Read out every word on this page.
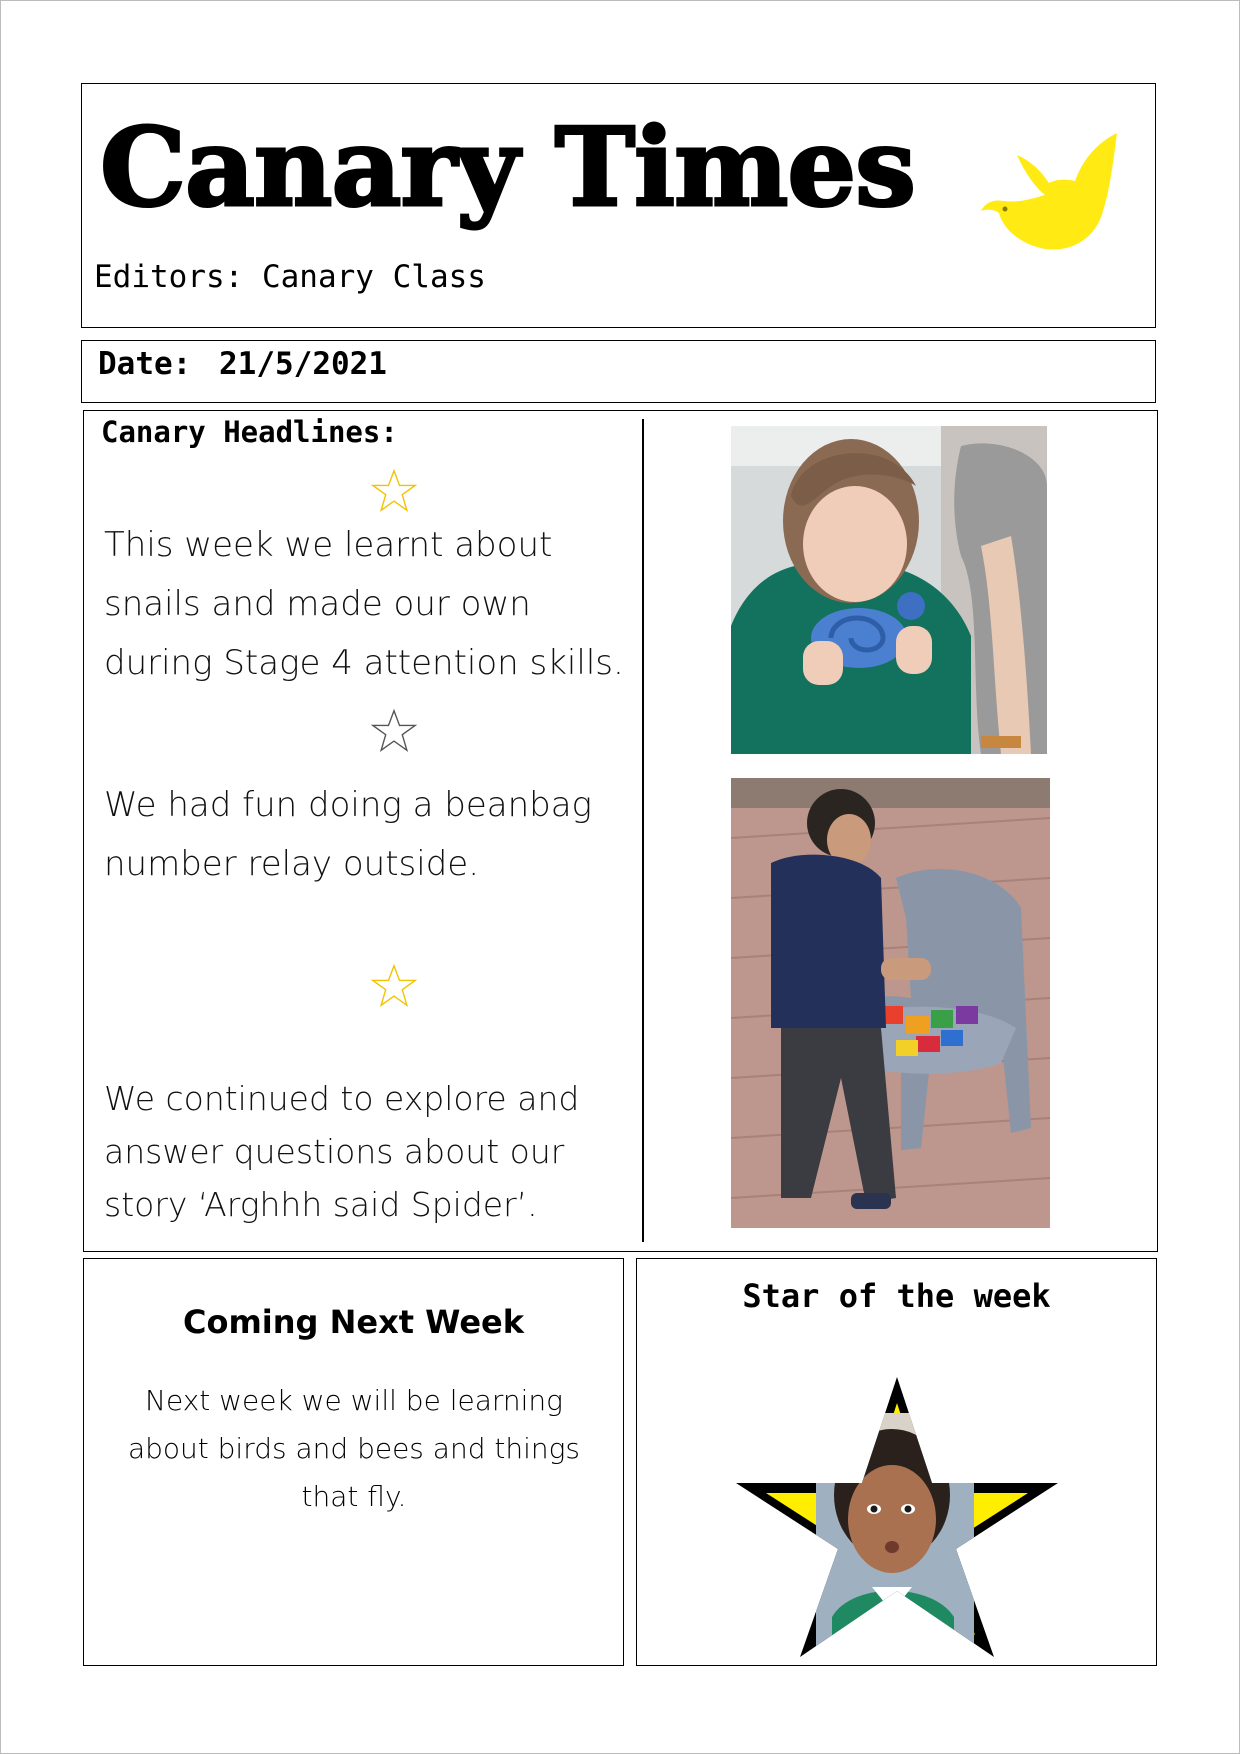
Canary Times
Editors: Canary Class
Date: 21/5/2021
Canary Headlines:

This week we learnt about snails and made our own during Stage 4 attention skills.

We had fun doing a beanbag number relay outside.

We continued to explore and answer questions about our story ‘Arghhh said Spider’.

Coming Next Week

Next week we will be learning about birds and bees and things that fly.

Star of the week
